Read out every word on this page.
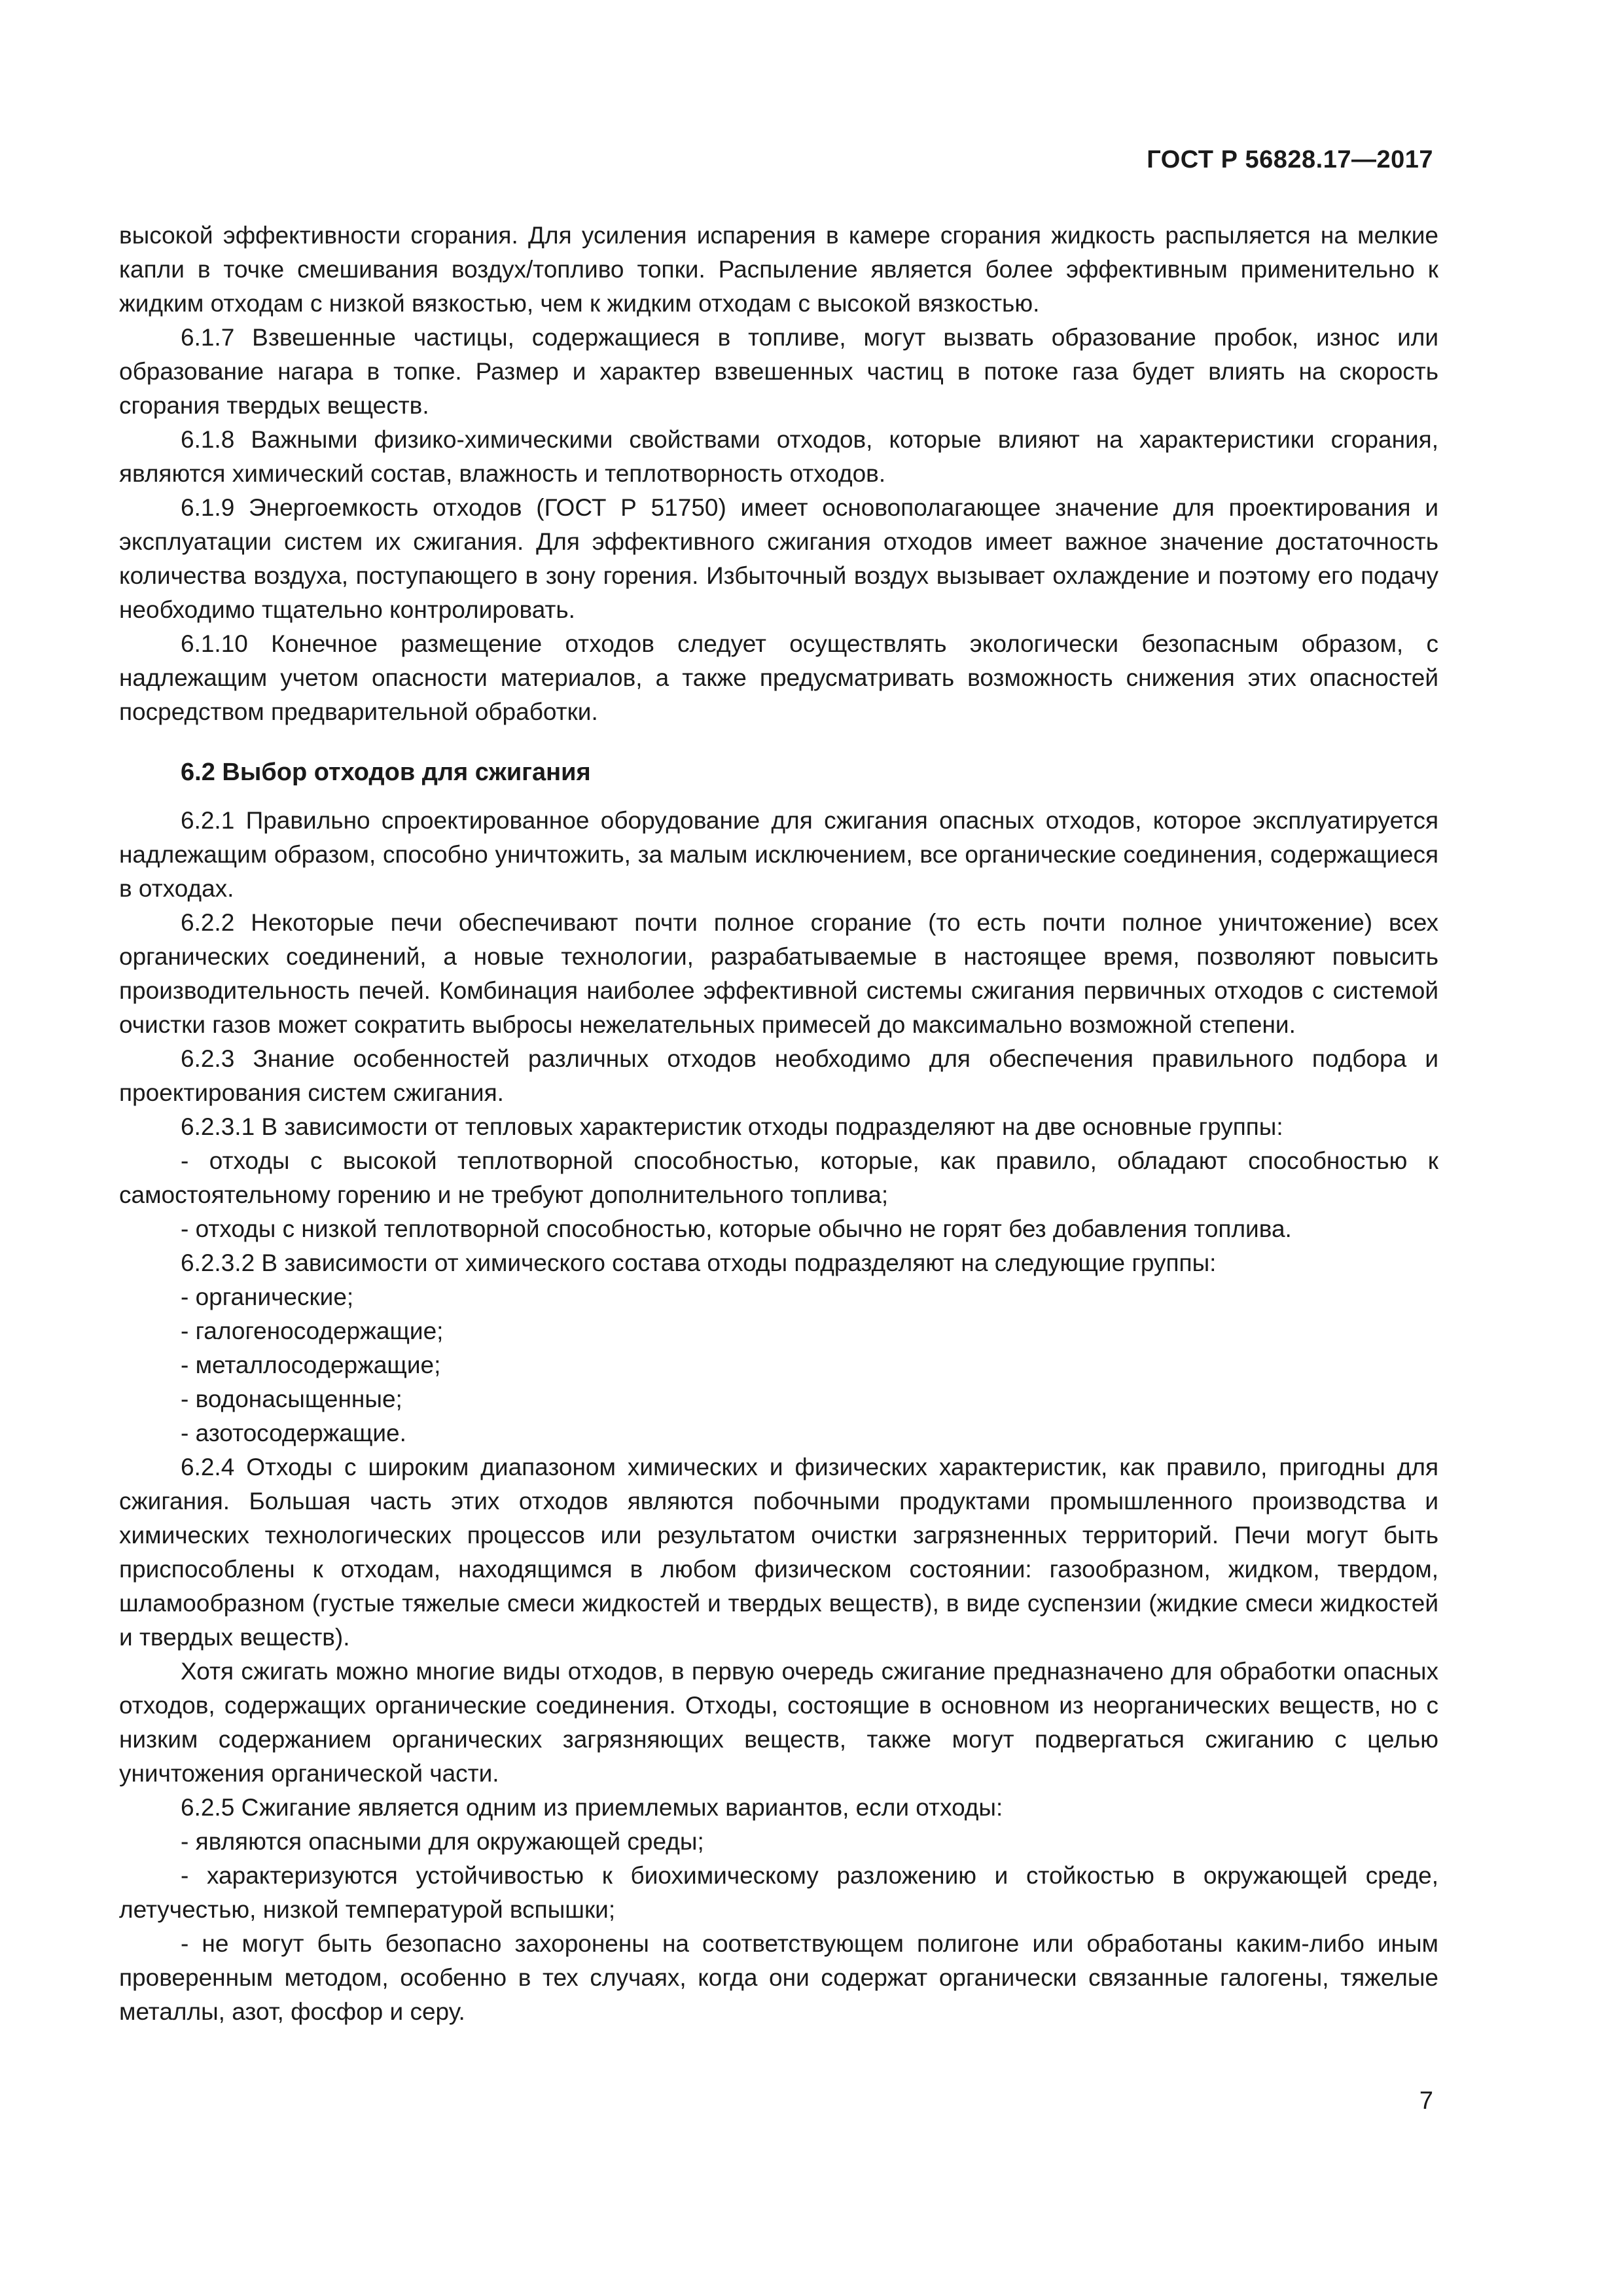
ГОСТ Р 56828.17—2017

высокой эффективности сгорания. Для усиления испарения в камере сгорания жидкость распыляется на мелкие капли в точке смешивания воздух/топливо топки. Распыление является более эффективным применительно к жидким отходам с низкой вязкостью, чем к жидким отходам с высокой вязкостью.

6.1.7 Взвешенные частицы, содержащиеся в топливе, могут вызвать образование пробок, износ или образование нагара в топке. Размер и характер взвешенных частиц в потоке газа будет влиять на скорость сгорания твердых веществ.

6.1.8 Важными физико-химическими свойствами отходов, которые влияют на характеристики сгорания, являются химический состав, влажность и теплотворность отходов.

6.1.9 Энергоемкость отходов (ГОСТ Р 51750) имеет основополагающее значение для проектирования и эксплуатации систем их сжигания. Для эффективного сжигания отходов имеет важное значение достаточность количества воздуха, поступающего в зону горения. Избыточный воздух вызывает охлаждение и поэтому его подачу необходимо тщательно контролировать.

6.1.10 Конечное размещение отходов следует осуществлять экологически безопасным образом, с надлежащим учетом опасности материалов, а также предусматривать возможность снижения этих опасностей посредством предварительной обработки.

6.2 Выбор отходов для сжигания

6.2.1 Правильно спроектированное оборудование для сжигания опасных отходов, которое эксплуатируется надлежащим образом, способно уничтожить, за малым исключением, все органические соединения, содержащиеся в отходах.

6.2.2 Некоторые печи обеспечивают почти полное сгорание (то есть почти полное уничтожение) всех органических соединений, а новые технологии, разрабатываемые в настоящее время, позволяют повысить производительность печей. Комбинация наиболее эффективной системы сжигания первичных отходов с системой очистки газов может сократить выбросы нежелательных примесей до максимально возможной степени.

6.2.3 Знание особенностей различных отходов необходимо для обеспечения правильного подбора и проектирования систем сжигания.

6.2.3.1 В зависимости от тепловых характеристик отходы подразделяют на две основные группы:

- отходы с высокой теплотворной способностью, которые, как правило, обладают способностью к самостоятельному горению и не требуют дополнительного топлива;

- отходы с низкой теплотворной способностью, которые обычно не горят без добавления топлива.

6.2.3.2 В зависимости от химического состава отходы подразделяют на следующие группы:

- органические;

- галогеносодержащие;

- металлосодержащие;

- водонасыщенные;

- азотосодержащие.

6.2.4 Отходы с широким диапазоном химических и физических характеристик, как правило, пригодны для сжигания. Большая часть этих отходов являются побочными продуктами промышленного производства и химических технологических процессов или результатом очистки загрязненных территорий. Печи могут быть приспособлены к отходам, находящимся в любом физическом состоянии: газообразном, жидком, твердом, шламообразном (густые тяжелые смеси жидкостей и твердых веществ), в виде суспензии (жидкие смеси жидкостей и твердых веществ).

Хотя сжигать можно многие виды отходов, в первую очередь сжигание предназначено для обработки опасных отходов, содержащих органические соединения. Отходы, состоящие в основном из неорганических веществ, но с низким содержанием органических загрязняющих веществ, также могут подвергаться сжиганию с целью уничтожения органической части.

6.2.5 Сжигание является одним из приемлемых вариантов, если отходы:

- являются опасными для окружающей среды;

- характеризуются устойчивостью к биохимическому разложению и стойкостью в окружающей среде, летучестью, низкой температурой вспышки;

- не могут быть безопасно захоронены на соответствующем полигоне или обработаны каким-либо иным проверенным методом, особенно в тех случаях, когда они содержат органически связанные галогены, тяжелые металлы, азот, фосфор и серу.

7
